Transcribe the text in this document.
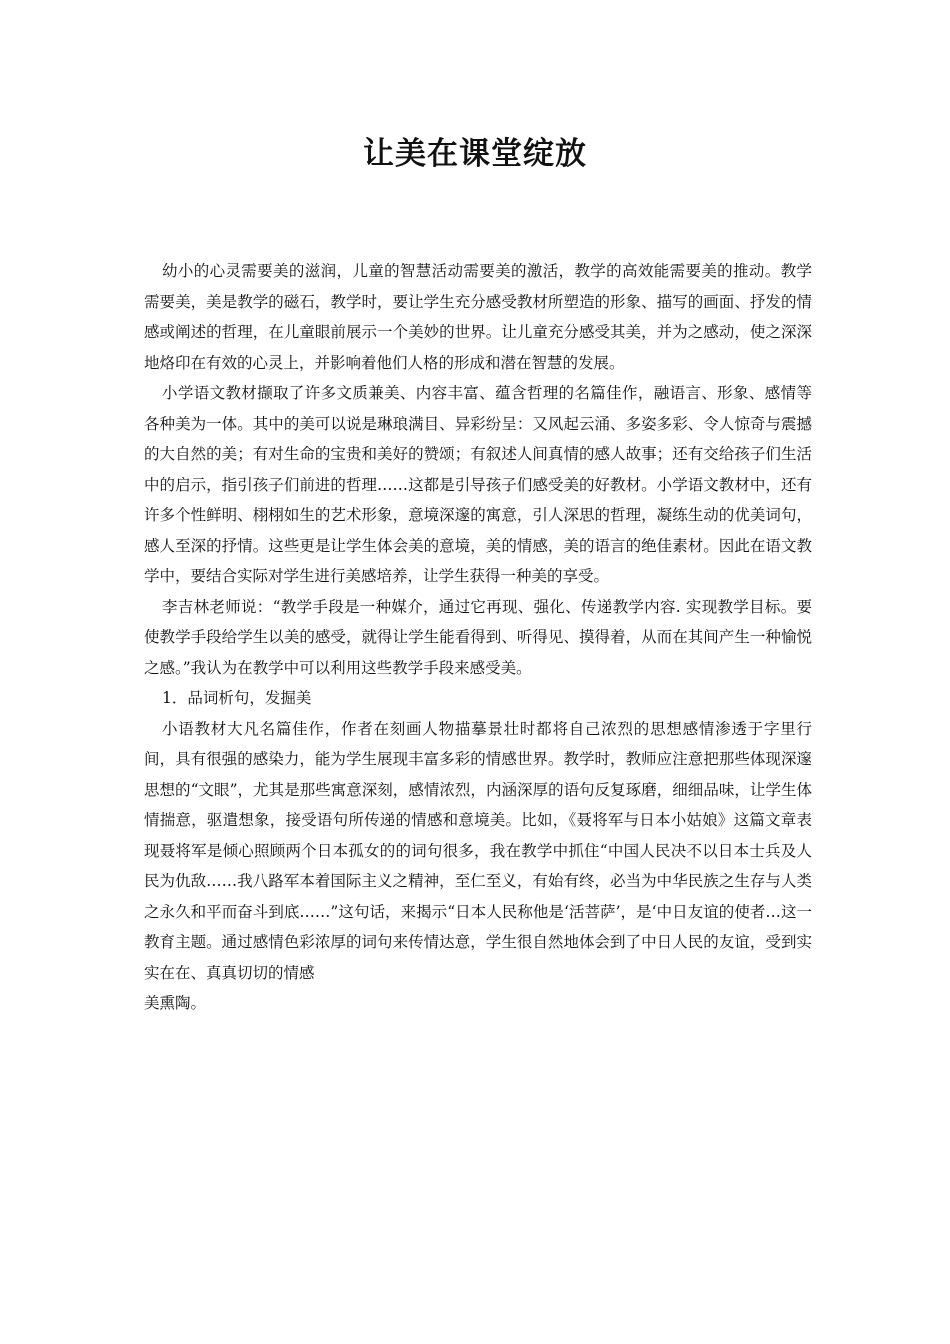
让美在课堂绽放

幼小的心灵需要美的滋润，儿童的智慧活动需要美的激活，教学的高效能需要美的推动。教学需要美，美是教学的磁石，教学时，要让学生充分感受教材所塑造的形象、描写的画面、抒发的情感或阐述的哲理，在儿童眼前展示一个美妙的世界。让儿童充分感受其美，并为之感动，使之深深地烙印在有效的心灵上，并影响着他们人格的形成和潜在智慧的发展。

小学语文教材撷取了许多文质兼美、内容丰富、蕴含哲理的名篇佳作，融语言、形象、感情等各种美为一体。其中的美可以说是琳琅满目、异彩纷呈：又风起云涌、多姿多彩、令人惊奇与震撼的大自然的美；有对生命的宝贵和美好的赞颂；有叙述人间真情的感人故事；还有交给孩子们生活中的启示，指引孩子们前进的哲理……这都是引导孩子们感受美的好教材。小学语文教材中，还有许多个性鲜明、栩栩如生的艺术形象，意境深邃的寓意，引人深思的哲理，凝练生动的优美词句，感人至深的抒情。这些更是让学生体会美的意境，美的情感，美的语言的绝佳素材。因此在语文教学中，要结合实际对学生进行美感培养，让学生获得一种美的享受。

李吉林老师说：“教学手段是一种媒介，通过它再现、强化、传递教学内容. 实现教学目标。要使教学手段给学生以美的感受，就得让学生能看得到、听得见、摸得着，从而在其间产生一种愉悦之感。”我认为在教学中可以利用这些教学手段来感受美。

1．品词析句，发掘美

小语教材大凡名篇佳作，作者在刻画人物描摹景壮时都将自己浓烈的思想感情渗透于字里行间，具有很强的感染力，能为学生展现丰富多彩的情感世界。教学时，教师应注意把那些体现深邃思想的“文眼”，尤其是那些寓意深刻，感情浓烈，内涵深厚的语句反复琢磨，细细品味，让学生体情揣意，驱遣想象，接受语句所传递的情感和意境美。比如，《聂将军与日本小姑娘》这篇文章表现聂将军是倾心照顾两个日本孤女的的词句很多，我在教学中抓住“中国人民决不以日本士兵及人民为仇敌……我八路军本着国际主义之精神，至仁至义，有始有终，必当为中华民族之生存与人类之永久和平而奋斗到底……”这句话，来揭示“日本人民称他是‘活菩萨’，是‘中日友谊的使者…这一教育主题。通过感情色彩浓厚的词句来传情达意，学生很自然地体会到了中日人民的友谊，受到实实在在、真真切切的情感

美熏陶。
